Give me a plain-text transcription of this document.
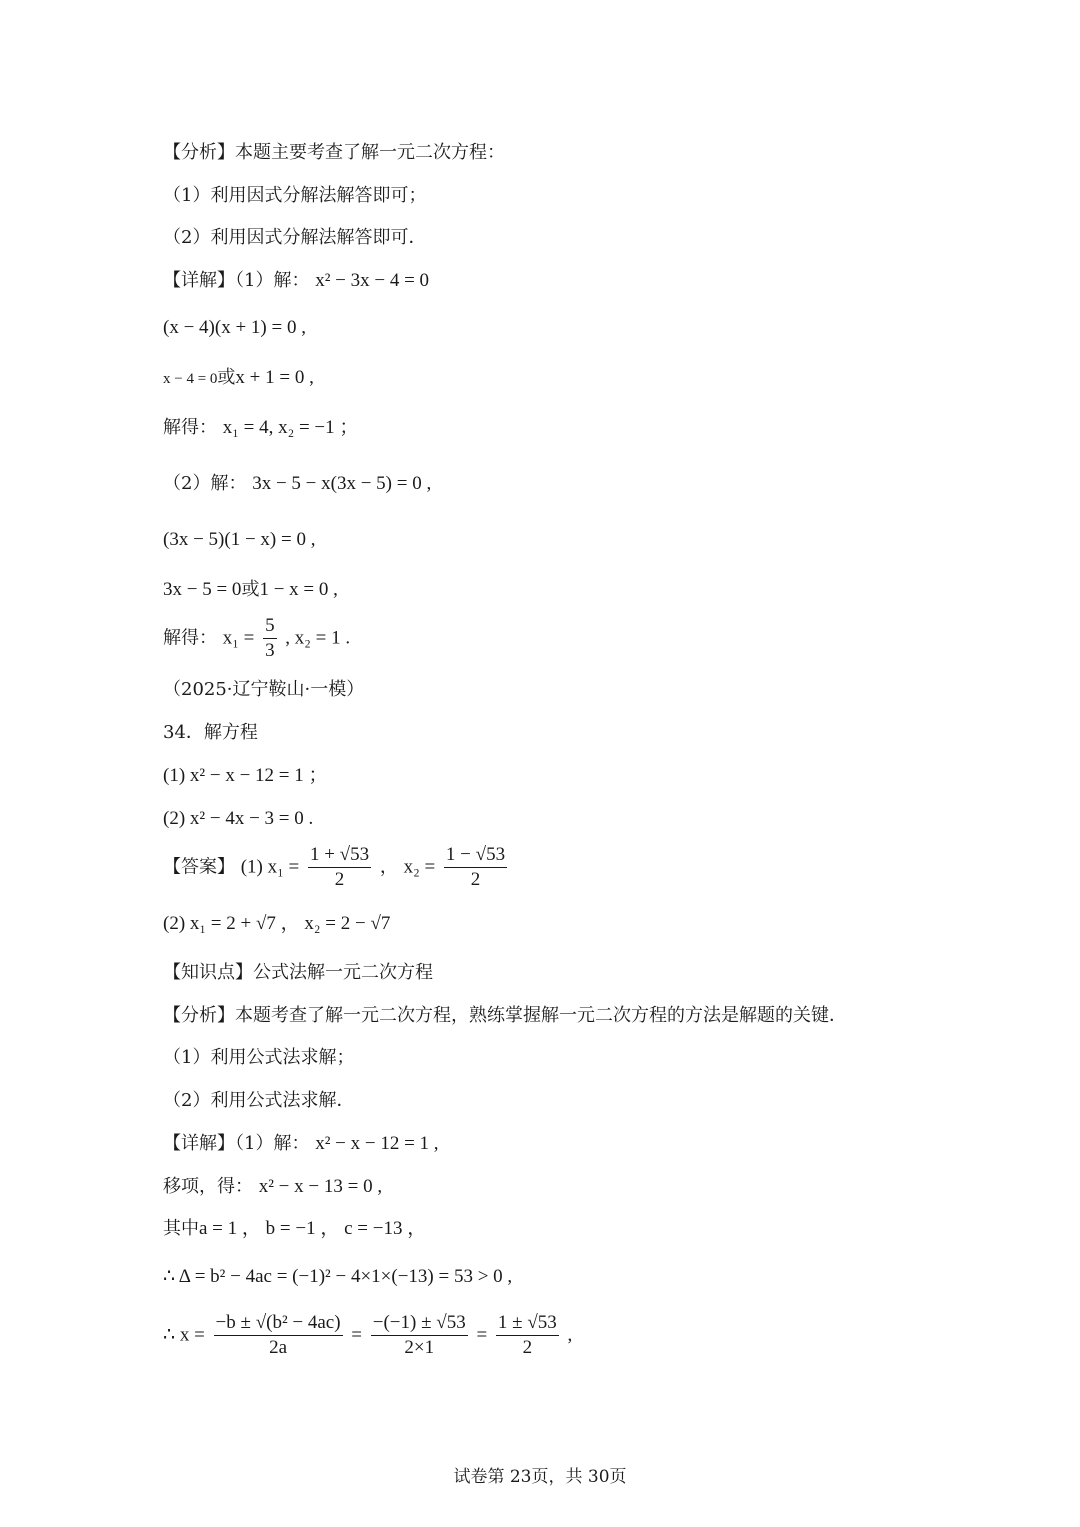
【分析】本题主要考查了解一元二次方程：
（1）利用因式分解法解答即可；
（2）利用因式分解法解答即可．
【详解】（1）解： x² − 3x − 4 = 0
(x − 4)(x + 1) = 0 ,
x − 4 = 0或x + 1 = 0 ,
解得： x₁ = 4, x₂ = −1 ；
（2）解： 3x − 5 − x(3x − 5) = 0 ,
(3x − 5)(1 − x) = 0 ,
3x − 5 = 0或1 − x = 0 ,
解得： $x_1 = \frac{5}{3}$ , x₂ = 1 .
（2025·辽宁鞍山·一模）
34．解方程
(1) x² − x − 12 = 1 ；
(2) x² − 4x − 3 = 0 .
【答案】 (1) $x_1 = \frac{1 + √53}{2}$ ， $x_2 = \frac{1 - √53}{2}$
(2) x₁ = 2 + √7 ， x₂ = 2 − √7
【知识点】公式法解一元二次方程
【分析】本题考查了解一元二次方程，熟练掌握解一元二次方程的方法是解题的关键．
（1）利用公式法求解；
（2）利用公式法求解．
【详解】（1）解： x² − x − 12 = 1 ,
移项，得： x² − x − 13 = 0 ,
其中a = 1 ， b = −1 ， c = −13 ，
∴ Δ = b² − 4ac = (−1)² − 4×1×(−13) = 53 > 0 ,
∴ $x = \frac{\text{−b ± √(b² − 4ac)}}{2a} = \frac{-(-1) \pm √53}{2\times 1} = \frac{1 \pm √53}{2}$ ,
试卷第 23页，共 30页
